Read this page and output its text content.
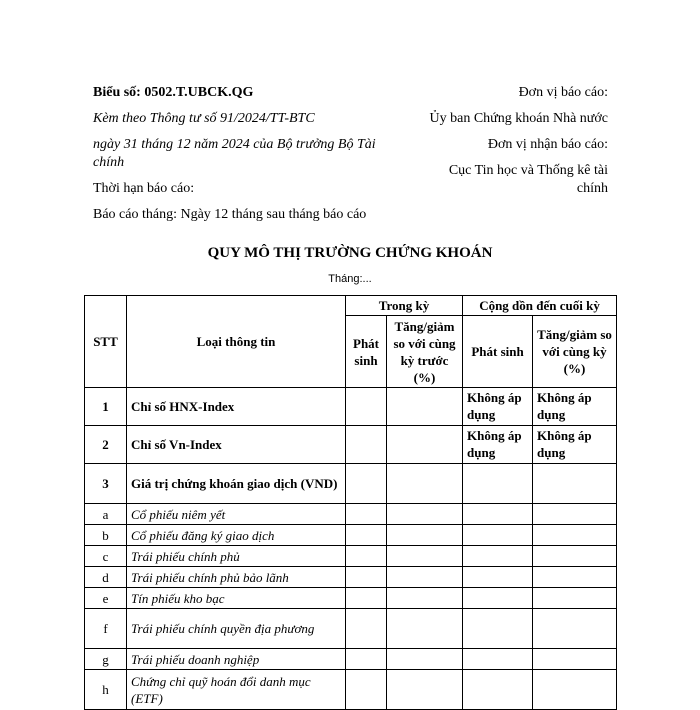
Biểu số: 0502.T.UBCK.QG

Kèm theo Thông tư số 91/2024/TT-BTC

ngày 31 tháng 12 năm 2024 của Bộ trưởng Bộ Tài chính

Thời hạn báo cáo:

Báo cáo tháng: Ngày 12 tháng sau tháng báo cáo

Đơn vị báo cáo:

Ủy ban Chứng khoán Nhà nước

Đơn vị nhận báo cáo:

Cục Tin học và Thống kê tài chính

QUY MÔ THỊ TRƯỜNG CHỨNG KHOÁN
Tháng:...
STT	Loại thông tin	Trong kỳ		Cộng dồn đến cuối kỳ	
		Phát sinh	Tăng/giảm so với cùng kỳ trước (%)	Phát sinh	Tăng/giảm so với cùng kỳ (%)
1	Chỉ số HNX-Index			Không áp dụng	Không áp dụng
2	Chỉ số Vn-Index			Không áp dụng	Không áp dụng
3	Giá trị chứng khoán giao dịch (VND)				
a	Cổ phiếu niêm yết				
b	Cổ phiếu đăng ký giao dịch				
c	Trái phiếu chính phủ				
d	Trái phiếu chính phủ bảo lãnh				
e	Tín phiếu kho bạc				
f	Trái phiếu chính quyền địa phương				
g	Trái phiếu doanh nghiệp				
h	Chứng chỉ quỹ hoán đổi danh mục (ETF)				
